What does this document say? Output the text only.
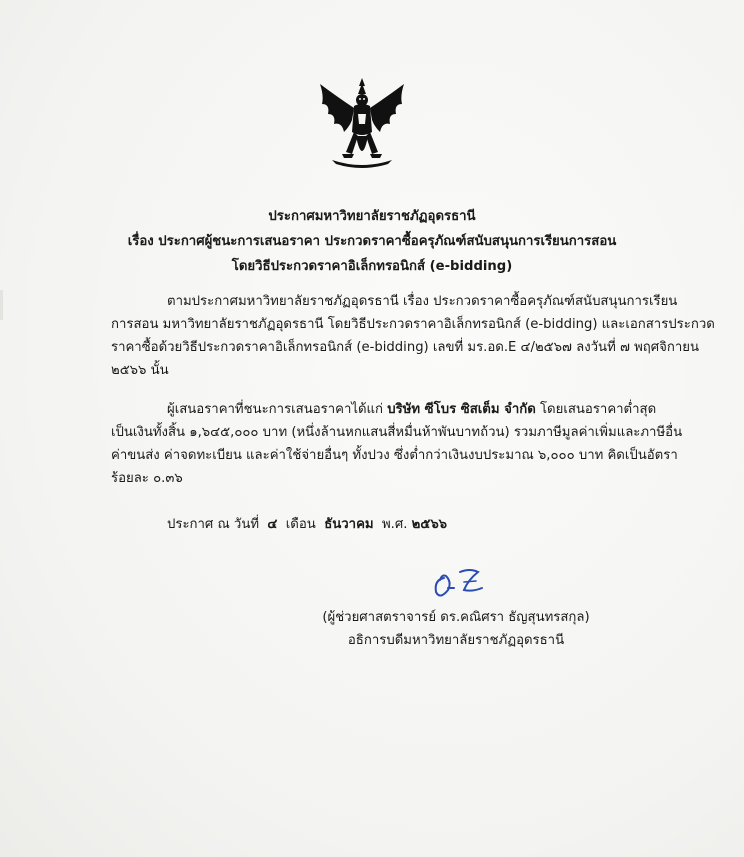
ประกาศมหาวิทยาลัยราชภัฏอุดรธานี
เรื่อง ประกาศผู้ชนะการเสนอราคา ประกวดราคาซื้อครุภัณฑ์สนับสนุนการเรียนการสอน
โดยวิธีประกวดราคาอิเล็กทรอนิกส์ (e-bidding)
ตามประกาศมหาวิทยาลัยราชภัฏอุดรธานี เรื่อง ประกวดราคาซื้อครุภัณฑ์สนับสนุนการเรียน
การสอน มหาวิทยาลัยราชภัฏอุดรธานี โดยวิธีประกวดราคาอิเล็กทรอนิกส์ (e-bidding) และเอกสารประกวด
ราคาซื้อด้วยวิธีประกวดราคาอิเล็กทรอนิกส์ (e-bidding) เลขที่ มร.อด.E ๔/๒๕๖๗ ลงวันที่ ๗ พฤศจิกายน
๒๕๖๖ นั้น
ผู้เสนอราคาที่ชนะการเสนอราคาได้แก่ บริษัท ซีโบร ซิสเต็ม จำกัด โดยเสนอราคาต่ำสุด
เป็นเงินทั้งสิ้น ๑,๖๔๕,๐๐๐ บาท (หนึ่งล้านหกแสนสี่หมื่นห้าพันบาทถ้วน) รวมภาษีมูลค่าเพิ่มและภาษีอื่น
ค่าขนส่ง ค่าจดทะเบียน และค่าใช้จ่ายอื่นๆ ทั้งปวง ซึ่งต่ำกว่าเงินงบประมาณ ๖,๐๐๐ บาท คิดเป็นอัตรา
ร้อยละ ๐.๓๖
ประกาศ ณ วันที่ ๔ เดือน ธันวาคม พ.ศ. ๒๕๖๖
(ผู้ช่วยศาสตราจารย์ ดร.คณิศรา ธัญสุนทรสกุล)
อธิการบดีมหาวิทยาลัยราชภัฏอุดรธานี
